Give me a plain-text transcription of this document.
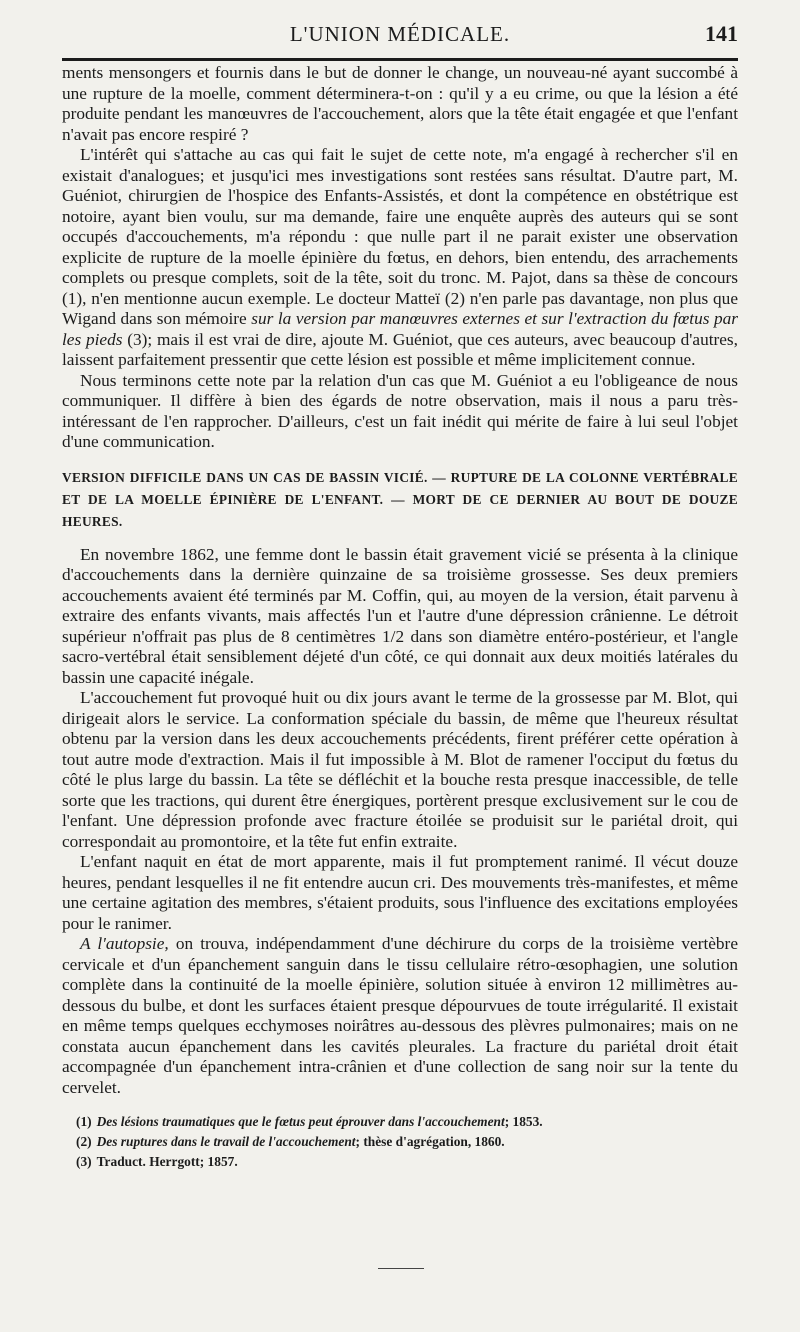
L'UNION MÉDICALE.	141

ments mensongers et fournis dans le but de donner le change, un nouveau-né ayant succombé à une rupture de la moelle, comment déterminera-t-on : qu'il y a eu crime, ou que la lésion a été produite pendant les manœuvres de l'accouchement, alors que la tête était engagée et que l'enfant n'avait pas encore respiré ?

L'intérêt qui s'attache au cas qui fait le sujet de cette note, m'a engagé à rechercher s'il en existait d'analogues; et jusqu'ici mes investigations sont restées sans résultat. D'autre part, M. Guéniot, chirurgien de l'hospice des Enfants-Assistés, et dont la compétence en obstétrique est notoire, ayant bien voulu, sur ma demande, faire une enquête auprès des auteurs qui se sont occupés d'accouchements, m'a répondu : que nulle part il ne parait exister une observation explicite de rupture de la moelle épinière du fœtus, en dehors, bien entendu, des arrachements complets ou presque complets, soit de la tête, soit du tronc. M. Pajot, dans sa thèse de concours (1), n'en mentionne aucun exemple. Le docteur Matteï (2) n'en parle pas davantage, non plus que Wigand dans son mémoire sur la version par manœuvres externes et sur l'extraction du fœtus par les pieds (3); mais il est vrai de dire, ajoute M. Guéniot, que ces auteurs, avec beaucoup d'autres, laissent parfaitement pressentir que cette lésion est possible et même implicitement connue.

Nous terminons cette note par la relation d'un cas que M. Guéniot a eu l'obligeance de nous communiquer. Il diffère à bien des égards de notre observation, mais il nous a paru très-intéressant de l'en rapprocher. D'ailleurs, c'est un fait inédit qui mérite de faire à lui seul l'objet d'une communication.

VERSION DIFFICILE DANS UN CAS DE BASSIN VICIÉ. — RUPTURE DE LA COLONNE VERTÉBRALE ET DE LA MOELLE ÉPINIÈRE DE L'ENFANT. — MORT DE CE DERNIER AU BOUT DE DOUZE HEURES.

En novembre 1862, une femme dont le bassin était gravement vicié se présenta à la clinique d'accouchements dans la dernière quinzaine de sa troisième grossesse. Ses deux premiers accouchements avaient été terminés par M. Coffin, qui, au moyen de la version, était parvenu à extraire des enfants vivants, mais affectés l'un et l'autre d'une dépression crânienne. Le détroit supérieur n'offrait pas plus de 8 centimètres 1/2 dans son diamètre entéro-postérieur, et l'angle sacro-vertébral était sensiblement déjeté d'un côté, ce qui donnait aux deux moitiés latérales du bassin une capacité inégale.

L'accouchement fut provoqué huit ou dix jours avant le terme de la grossesse par M. Blot, qui dirigeait alors le service. La conformation spéciale du bassin, de même que l'heureux résultat obtenu par la version dans les deux accouchements précédents, firent préférer cette opération à tout autre mode d'extraction. Mais il fut impossible à M. Blot de ramener l'occiput du fœtus du côté le plus large du bassin. La tête se défléchit et la bouche resta presque inaccessible, de telle sorte que les tractions, qui durent être énergiques, portèrent presque exclusivement sur le cou de l'enfant. Une dépression profonde avec fracture étoilée se produisit sur le pariétal droit, qui correspondait au promontoire, et la tête fut enfin extraite.

L'enfant naquit en état de mort apparente, mais il fut promptement ranimé. Il vécut douze heures, pendant lesquelles il ne fit entendre aucun cri. Des mouvements très-manifestes, et même une certaine agitation des membres, s'étaient produits, sous l'influence des excitations employées pour le ranimer.

A l'autopsie, on trouva, indépendamment d'une déchirure du corps de la troisième vertèbre cervicale et d'un épanchement sanguin dans le tissu cellulaire rétro-œsophagien, une solution complète dans la continuité de la moelle épinière, solution située à environ 12 millimètres au-dessous du bulbe, et dont les surfaces étaient presque dépourvues de toute irrégularité. Il existait en même temps quelques ecchymoses noirâtres au-dessous des plèvres pulmonaires; mais on ne constata aucun épanchement dans les cavités pleurales. La fracture du pariétal droit était accompagnée d'un épanchement intra-crânien et d'une collection de sang noir sur la tente du cervelet.

(1) Des lésions traumatiques que le fœtus peut éprouver dans l'accouchement; 1853.
(2) Des ruptures dans le travail de l'accouchement; thèse d'agrégation, 1860.
(3) Traduct. Herrgott; 1857.
